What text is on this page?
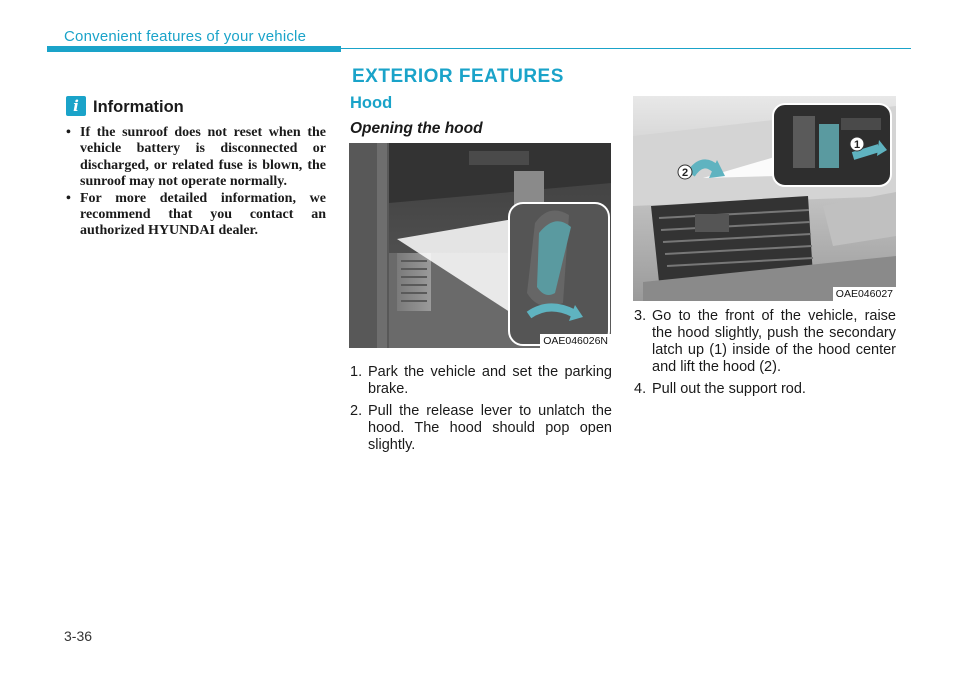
Convenient features of your vehicle
EXTERIOR FEATURES
i Information
• If the sunroof does not reset when the vehicle battery is disconnected or discharged, or related fuse is blown, the sunroof may not operate normally.
• For more detailed information, we recommend that you contact an authorized HYUNDAI dealer.
Hood
Opening the hood
OAE046026N
2
1
OAE046027
1. Park the vehicle and set the parking brake.
2. Pull the release lever to unlatch the hood. The hood should pop open slightly.
3. Go to the front of the vehicle, raise the hood slightly, push the secondary latch up (1) inside of the hood center and lift the hood (2).
4. Pull out the support rod.
3-36
